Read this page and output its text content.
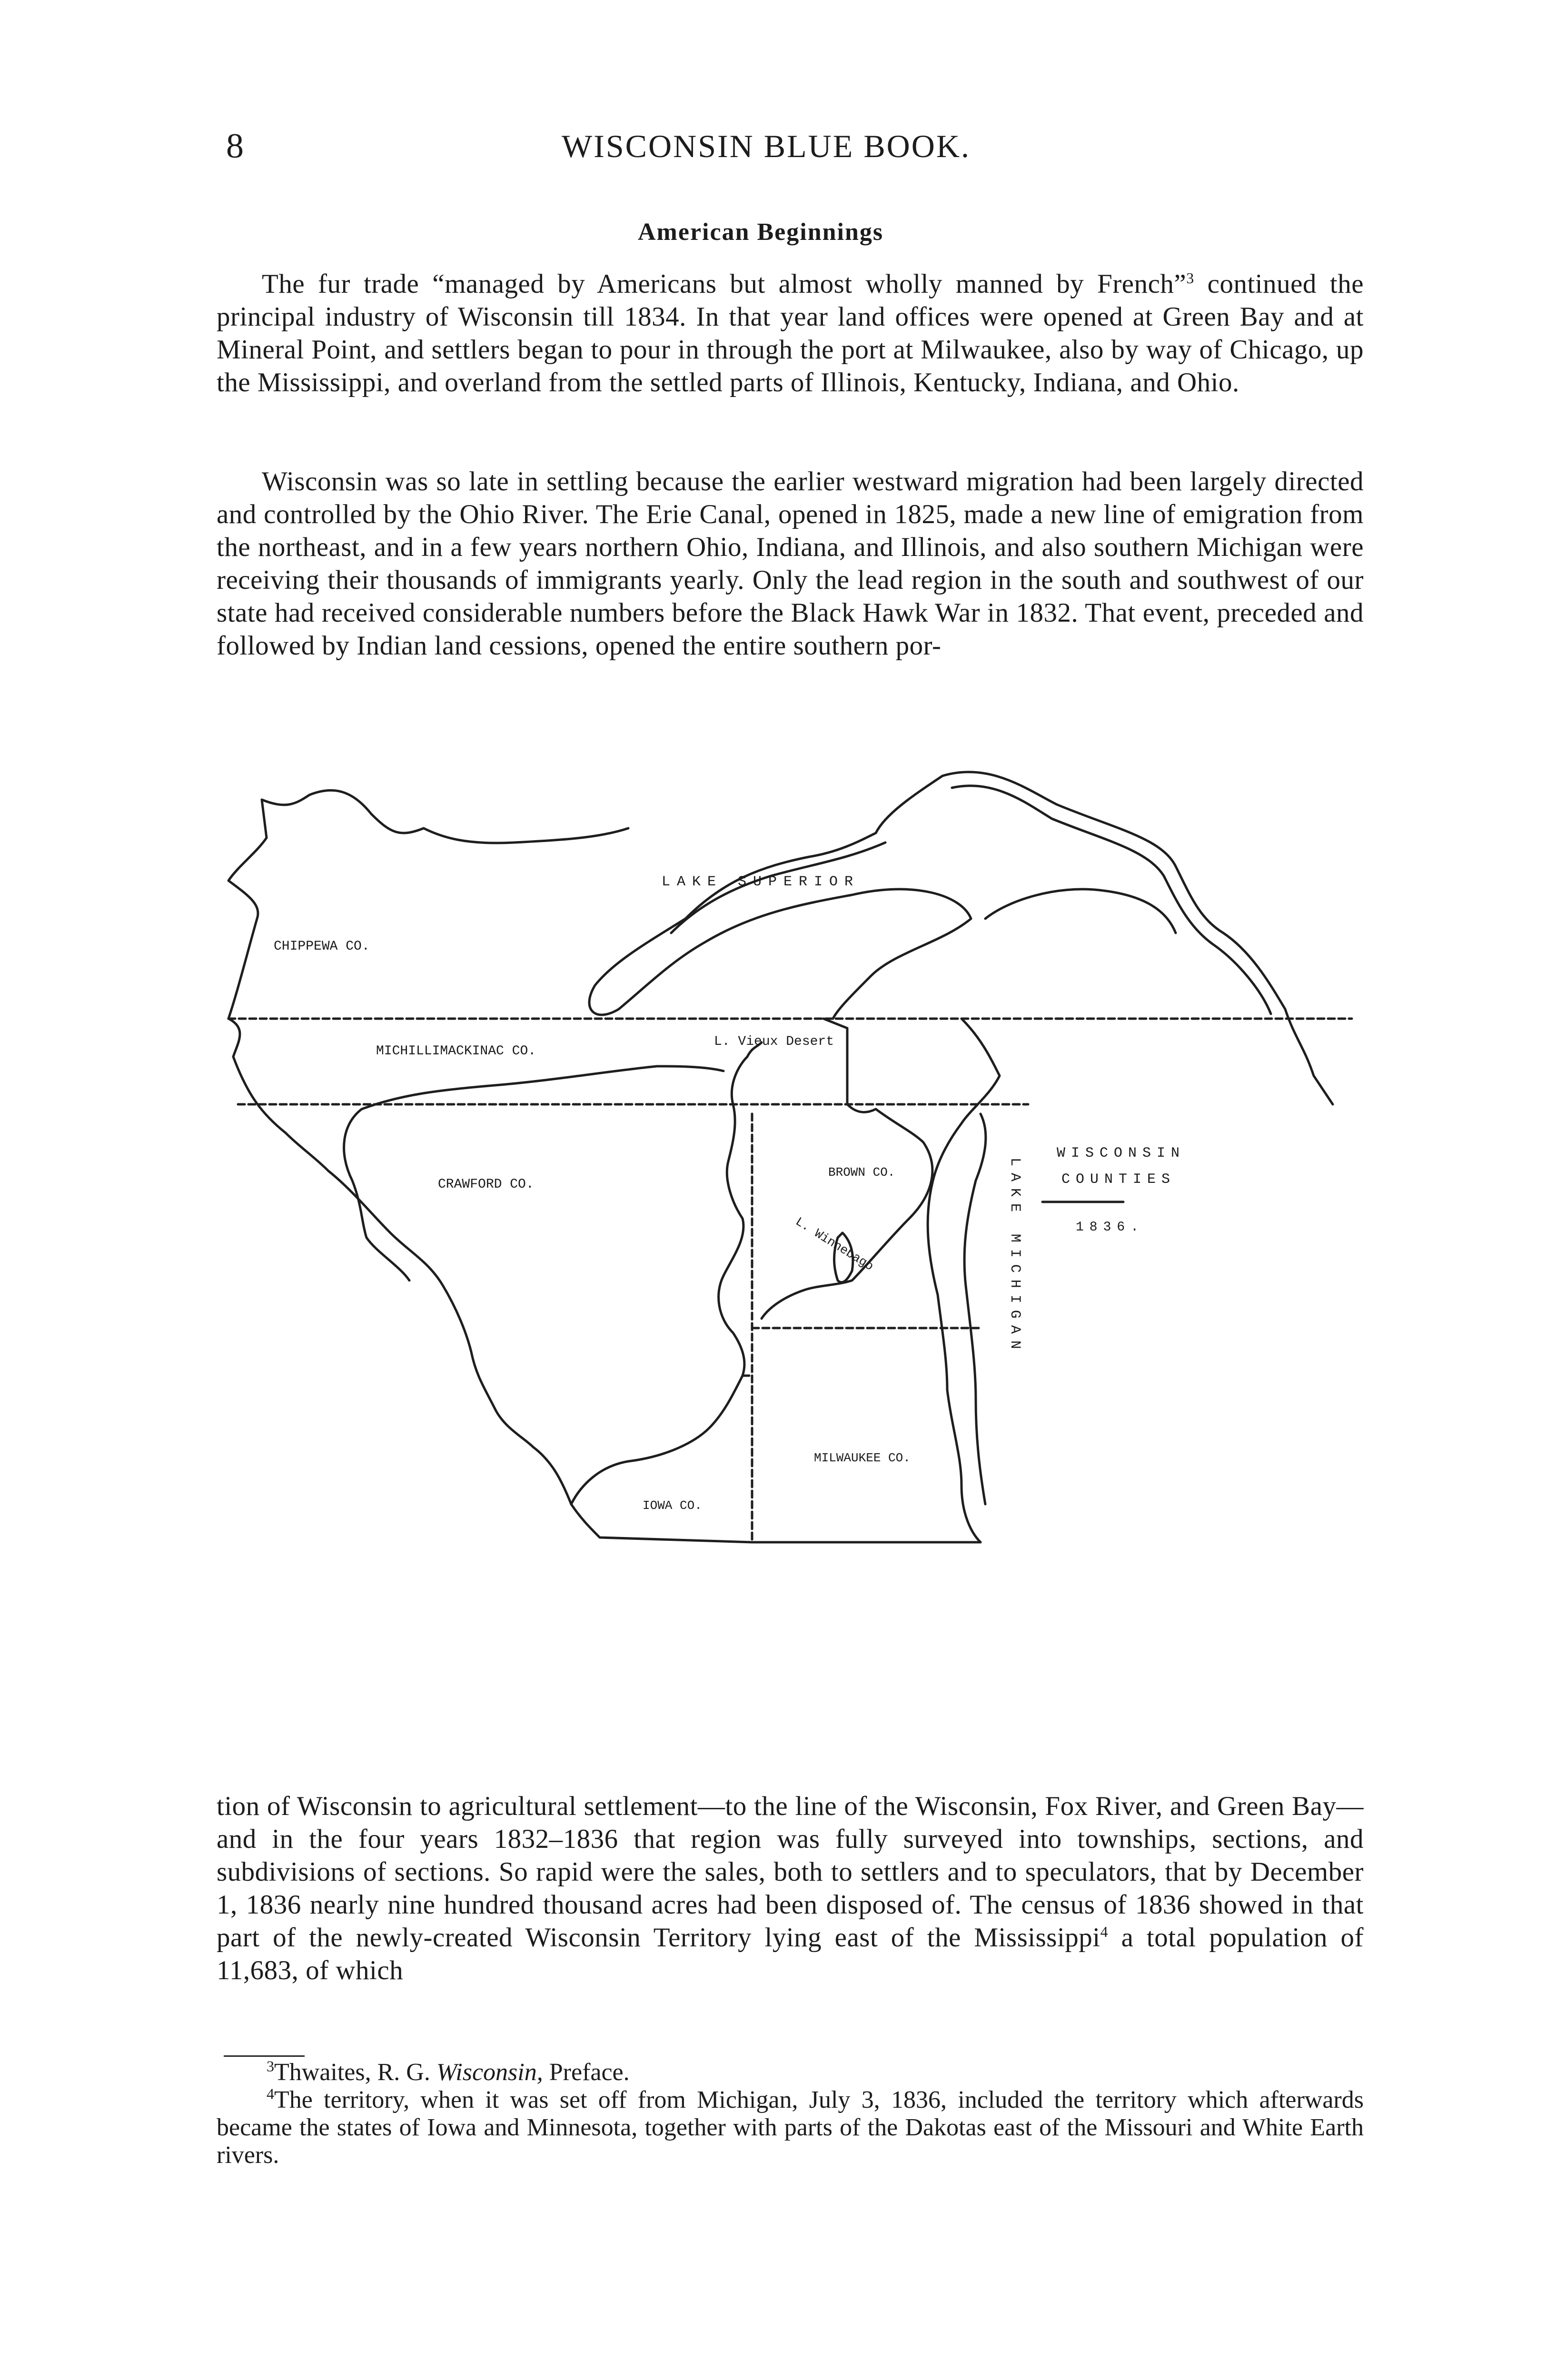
8	WISCONSIN BLUE BOOK.
American Beginnings

The fur trade “managed by Americans but almost wholly manned by French”$^3$ continued the principal industry of Wisconsin till 1834. In that year land offices were opened at Green Bay and at Mineral Point, and settlers began to pour in through the port at Milwaukee, also by way of Chicago, up the Mississippi, and overland from the settled parts of Illinois, Kentucky, Indiana, and Ohio.

Wisconsin was so late in settling because the earlier westward migration had been largely directed and controlled by the Ohio River. The Erie Canal, opened in 1825, made a new line of emigration from the northeast, and in a few years northern Ohio, Indiana, and Illinois, and also southern Michigan were receiving their thousands of immigrants yearly. Only the lead region in the south and southwest of our state had received considerable numbers before the Black Hawk War in 1832. That event, preceded and followed by Indian land cessions, opened the entire southern por-

LAKE SUPERIOR
CHIPPEWA CO.
MICHILLIMACKINAC CO.
L. Vieux Desert
BROWN CO.
CRAWFORD CO.
L. Winnebago	LAKE MICHIGAN
MILWAUKEE CO.
IOWA CO.
WISCONSIN
COUNTIES
1836.

tion of Wisconsin to agricultural settlement—to the line of the Wisconsin, Fox River, and Green Bay—and in the four years 1832–1836 that region was fully surveyed into townships, sections, and subdivisions of sections. So rapid were the sales, both to settlers and to speculators, that by December 1, 1836 nearly nine hundred thousand acres had been disposed of. The census of 1836 showed in that part of the newly-created Wisconsin Territory lying east of the Mississippi$^4$ a total population of 11,683, of which

$^3$Thwaites, R. G. Wisconsin, Preface.

$^4$The territory, when it was set off from Michigan, July 3, 1836, included the territory which afterwards became the states of Iowa and Minnesota, together with parts of the Dakotas east of the Missouri and White Earth rivers.
